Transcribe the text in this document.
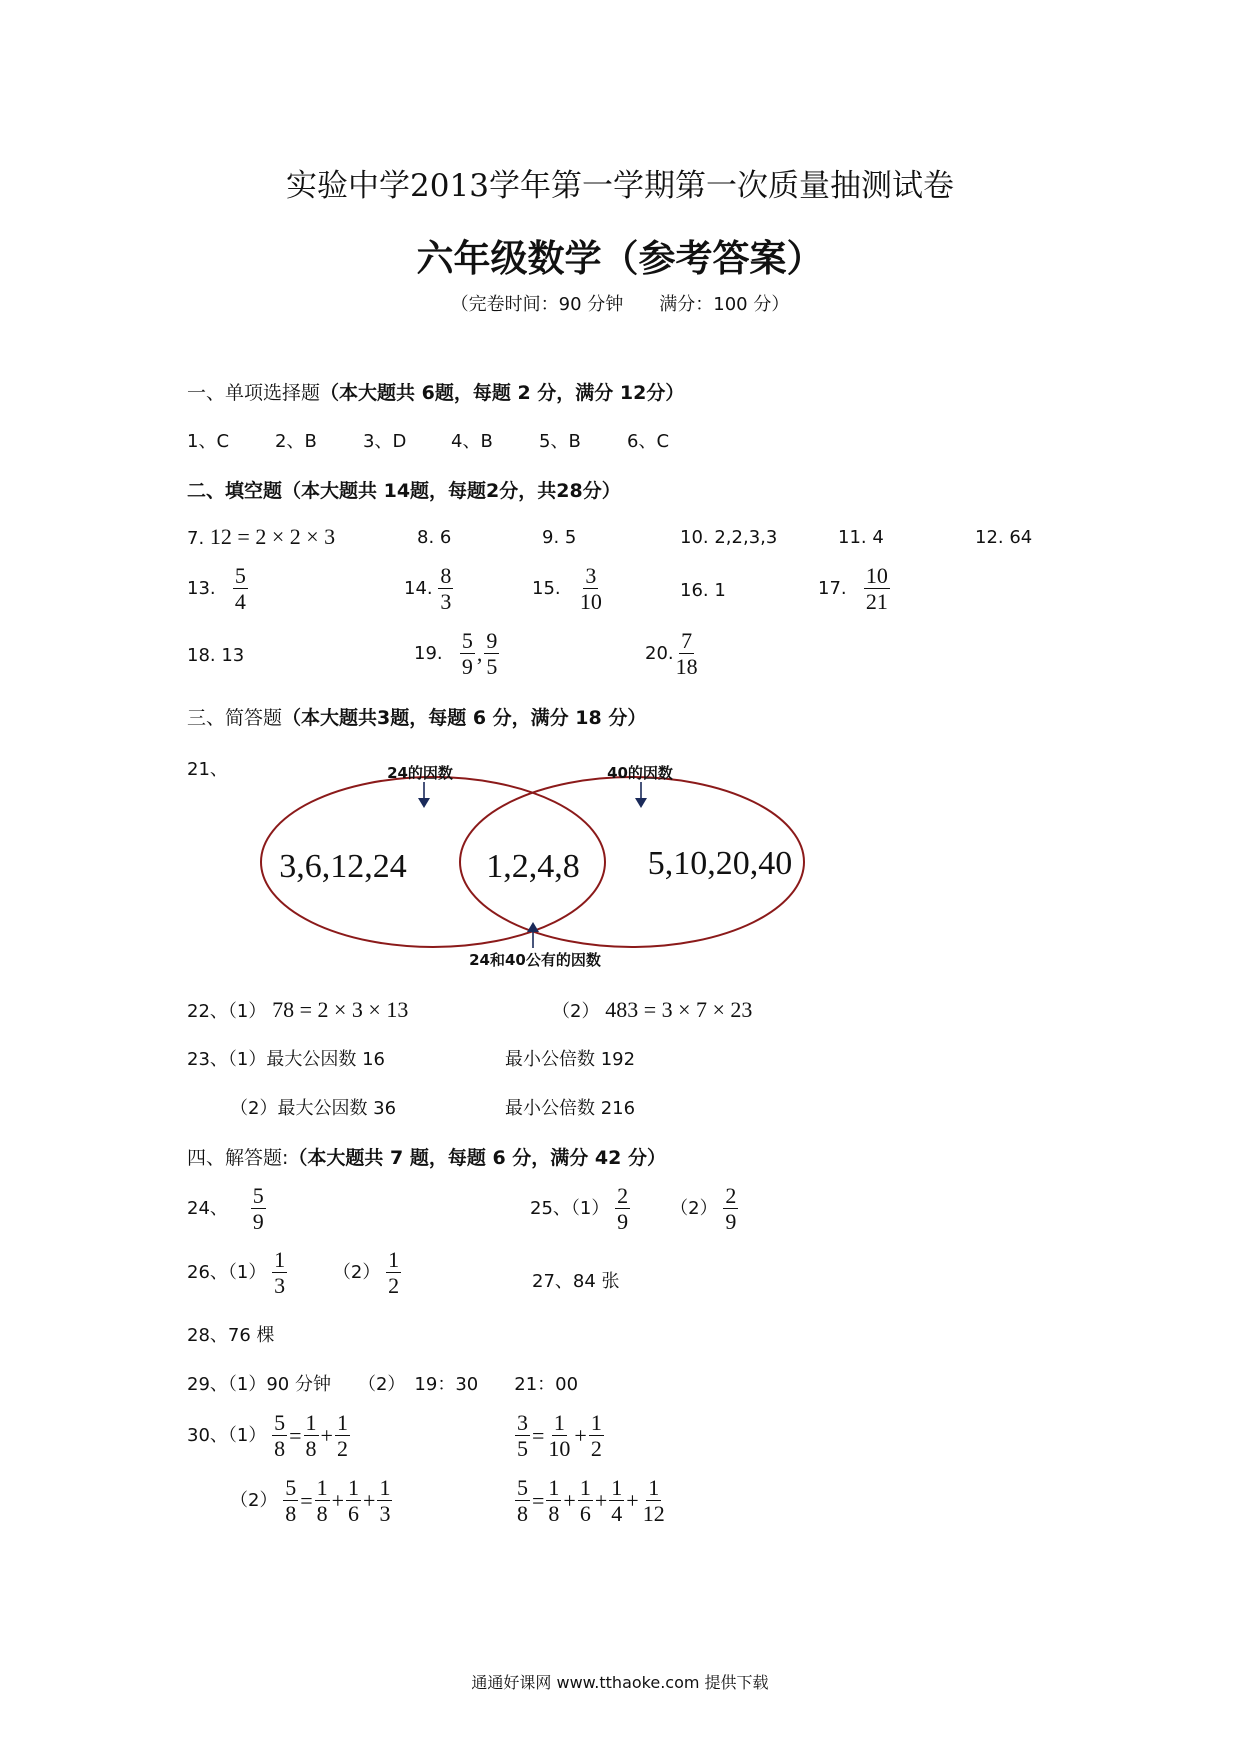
实验中学2013学年第一学期第一次质量抽测试卷
六年级数学（参考答案）
（完卷时间：90 分钟　　满分：100 分）
一、单项选择题（本大题共 6题，每题 2 分，满分 12分）
1、C	2、B	3、D 4、B	5、B	6、C
二、填空题（本大题共 14题，每题2分，共28分）
7. 12 = 2 × 2 × 3	8. 6	9. 5	10. 2,2,3,3	11. 4	12. 64
13. $\frac{5}{4}$	14. $\frac{8}{3}$	15. $\frac{3}{10}$	16. 1	17. $\frac{10}{21}$
18. 13	19. $\frac{5}{9}$ , $\frac{9}{5}$	20. $\frac{7}{18}$
三、简答题（本大题共3题，每题 6 分，满分 18 分）
21、	24的因数	40的因数
24和40公有的因数
3,6,12,24 1,2,4,8 5,10,20,40
22、（1） 78 = 2 × 3 × 13	（2） 483 = 3 × 7 × 23
23、（1）最大公因数 16	最小公倍数 192
（2）最大公因数 36	最小公倍数 216
四、解答题:（本大题共 7 题，每题 6 分，满分 42 分）
24、 $\frac{5}{9}$	25、$(1) \frac{2}{9} (2) \frac{2}{9}$
26、$(1) \frac{1}{3}$	$(2) \frac{1}{2}$	27、84 张
28、76 棵
29、（1）90 分钟　　（2）　19：30　　21：00
30、$(1) \frac{5}{8} = \frac{1}{8} + \frac{1}{2}$	$\frac{3}{5} = \frac{1}{10} + \frac{1}{2}$
$(2) \frac{5}{8} = \frac{1}{8} + \frac{1}{6} + \frac{1}{3}$	$\frac{5}{8} = \frac{1}{8} + \frac{1}{6} + \frac{1}{4} + \frac{1}{12}$
通通好课网 www.tthaoke.com 提供下载
